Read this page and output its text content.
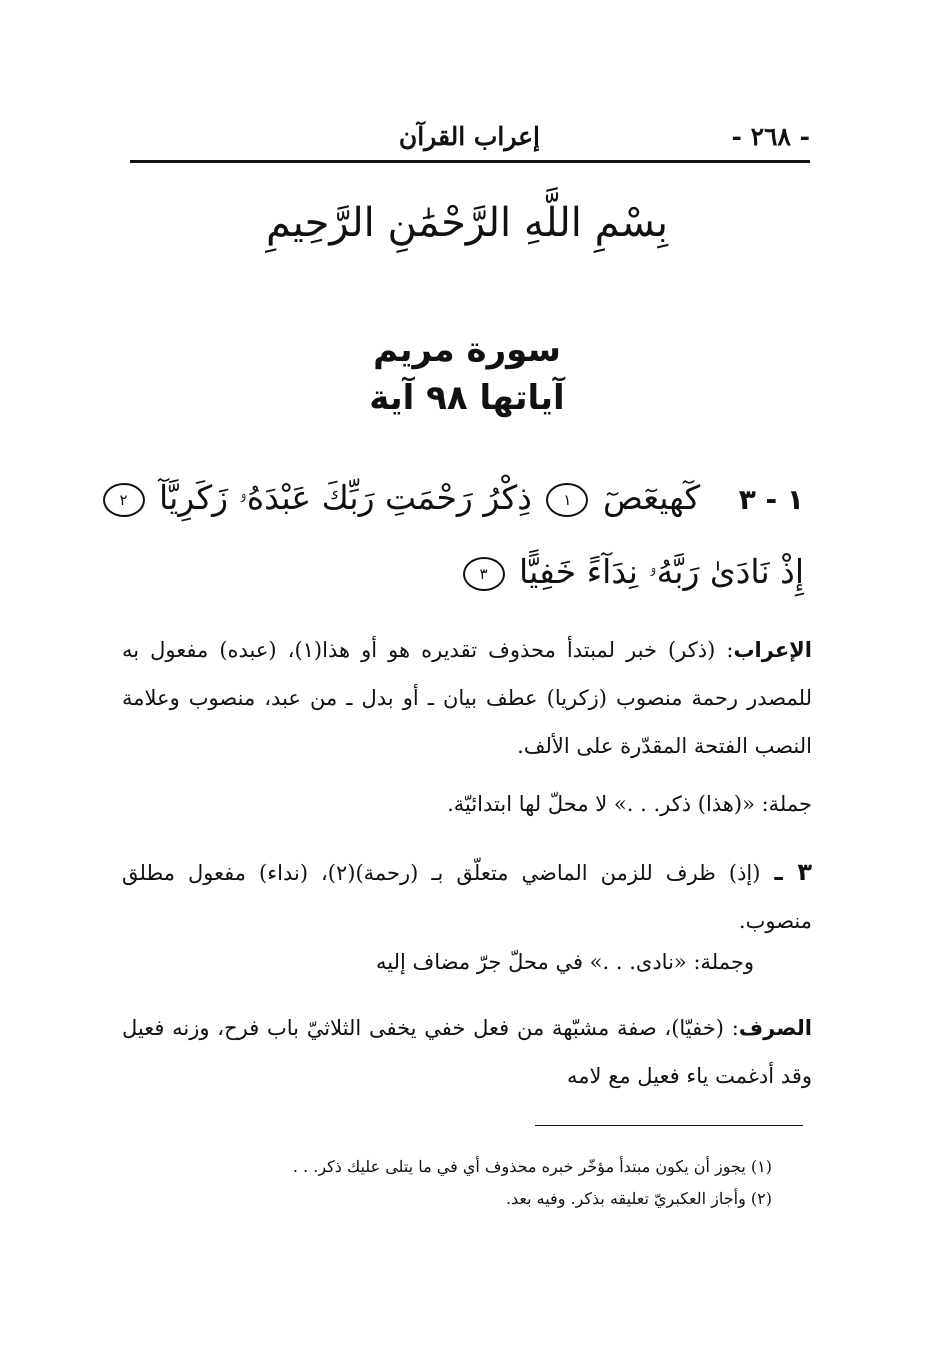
إعراب القرآن	- ٢٦٨ -
بِسْمِ اللَّهِ الرَّحْمَٰنِ الرَّحِيمِ
سورة مريم
آياتها ٩٨ آية
١ - ٣ كٓهيعٓصٓ ١ ذِكْرُ رَحْمَتِ رَبِّكَ عَبْدَهُۥ زَكَرِيَّآ ٢
إِذْ نَادَىٰ رَبَّهُۥ نِدَآءً خَفِيًّا ٣
الإعراب: (ذكر) خبر لمبتدأ محذوف تقديره هو أو هذا(١)، (عبده) مفعول به للمصدر رحمة منصوب (زكريا) عطف بيان ـ أو بدل ـ من عبد، منصوب وعلامة النصب الفتحة المقدّرة على الألف.
جملة: «(هذا) ذكر. . .» لا محلّ لها ابتدائيّة.
٣ ـ(إذ) ظرف للزمن الماضي متعلّق بـ (رحمة)(٢)، (نداء) مفعول مطلق منصوب.
وجملة: «نادى. . .» في محلّ جرّ مضاف إليه
الصرف: (خفيّا)، صفة مشبّهة من فعل خفي يخفى الثلاثيّ باب فرح، وزنه فعيل وقد أدغمت ياء فعيل مع لامه
(١) يجوز أن يكون مبتدأ مؤخّر خبره محذوف أي في ما يتلى عليك ذكر. . .
(٢) وأجاز العكبريّ تعليقه بذكر. وفيه بعد.
